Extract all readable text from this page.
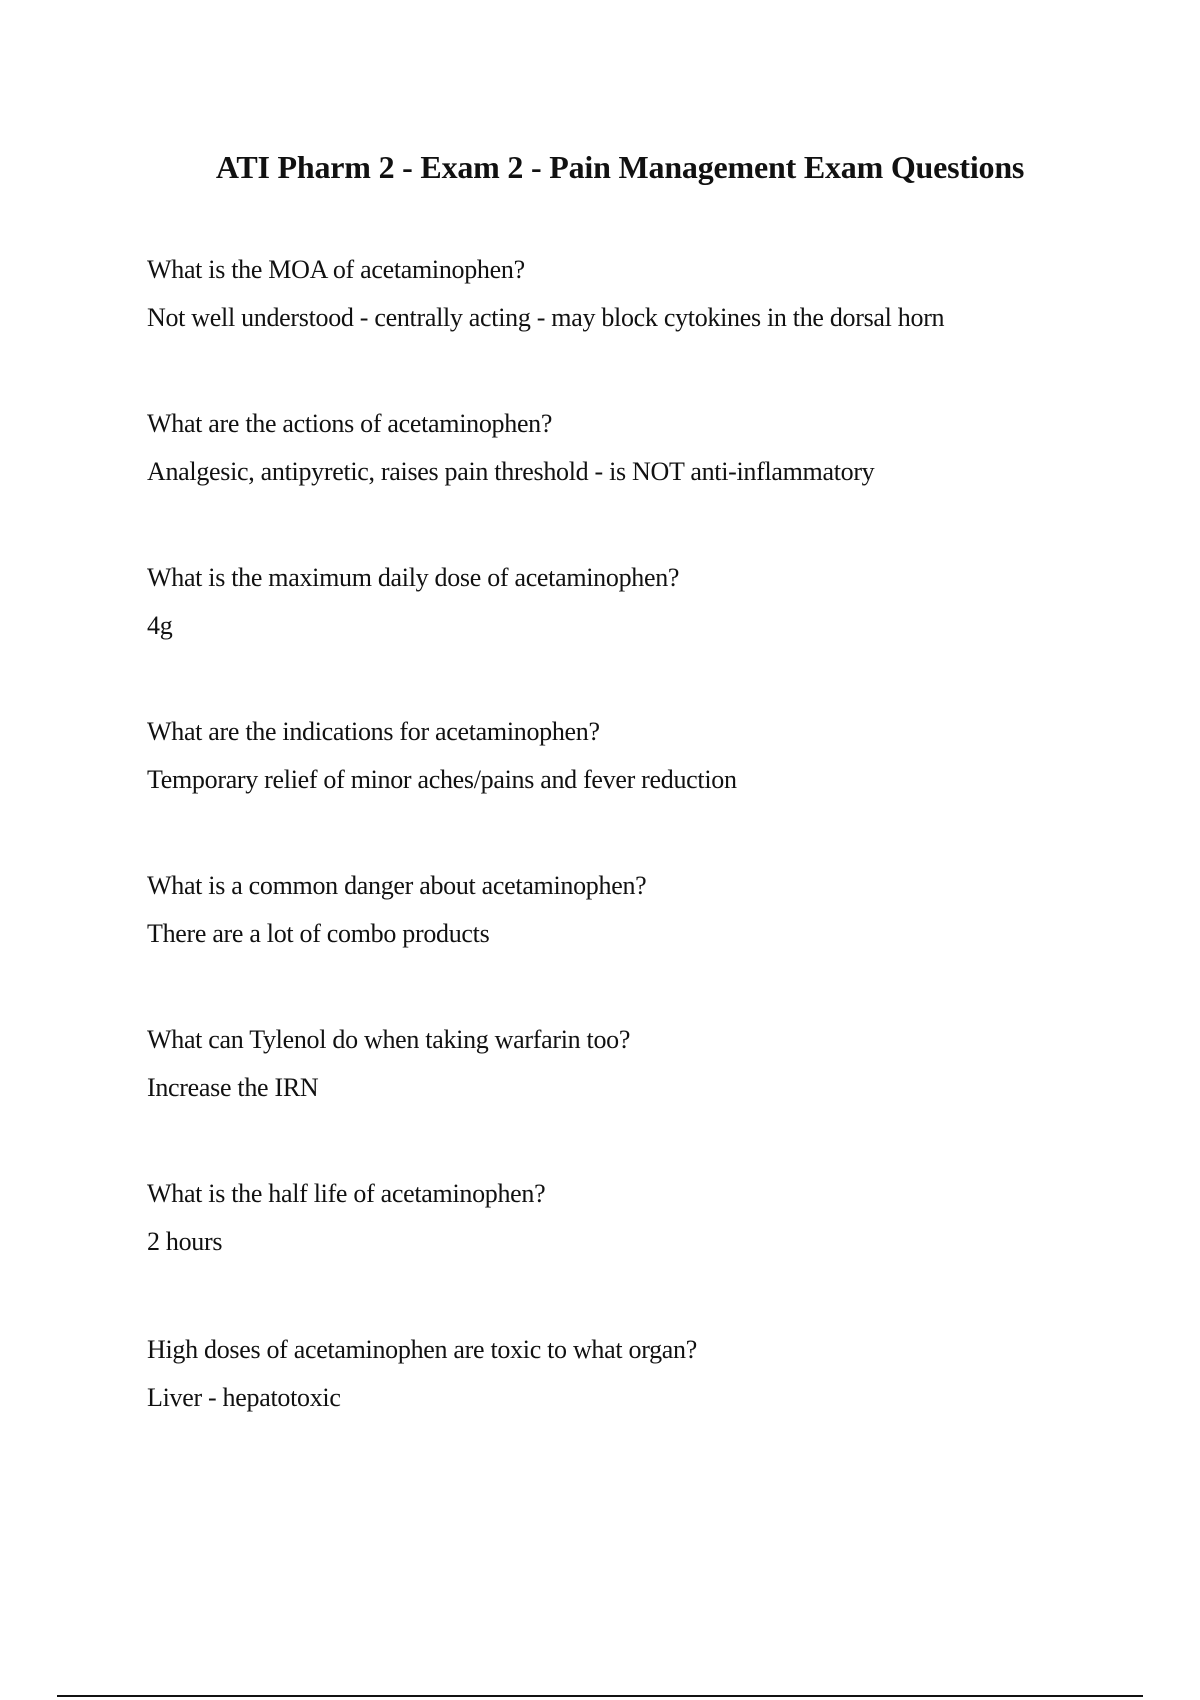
ATI Pharm 2 - Exam 2 - Pain Management Exam Questions

What is the MOA of acetaminophen?

Not well understood - centrally acting - may block cytokines in the dorsal horn

What are the actions of acetaminophen?

Analgesic, antipyretic, raises pain threshold - is NOT anti-inflammatory

What is the maximum daily dose of acetaminophen?

4g

What are the indications for acetaminophen?

Temporary relief of minor aches/pains and fever reduction

What is a common danger about acetaminophen?

There are a lot of combo products

What can Tylenol do when taking warfarin too?

Increase the IRN

What is the half life of acetaminophen?

2 hours

High doses of acetaminophen are toxic to what organ?

Liver - hepatotoxic
